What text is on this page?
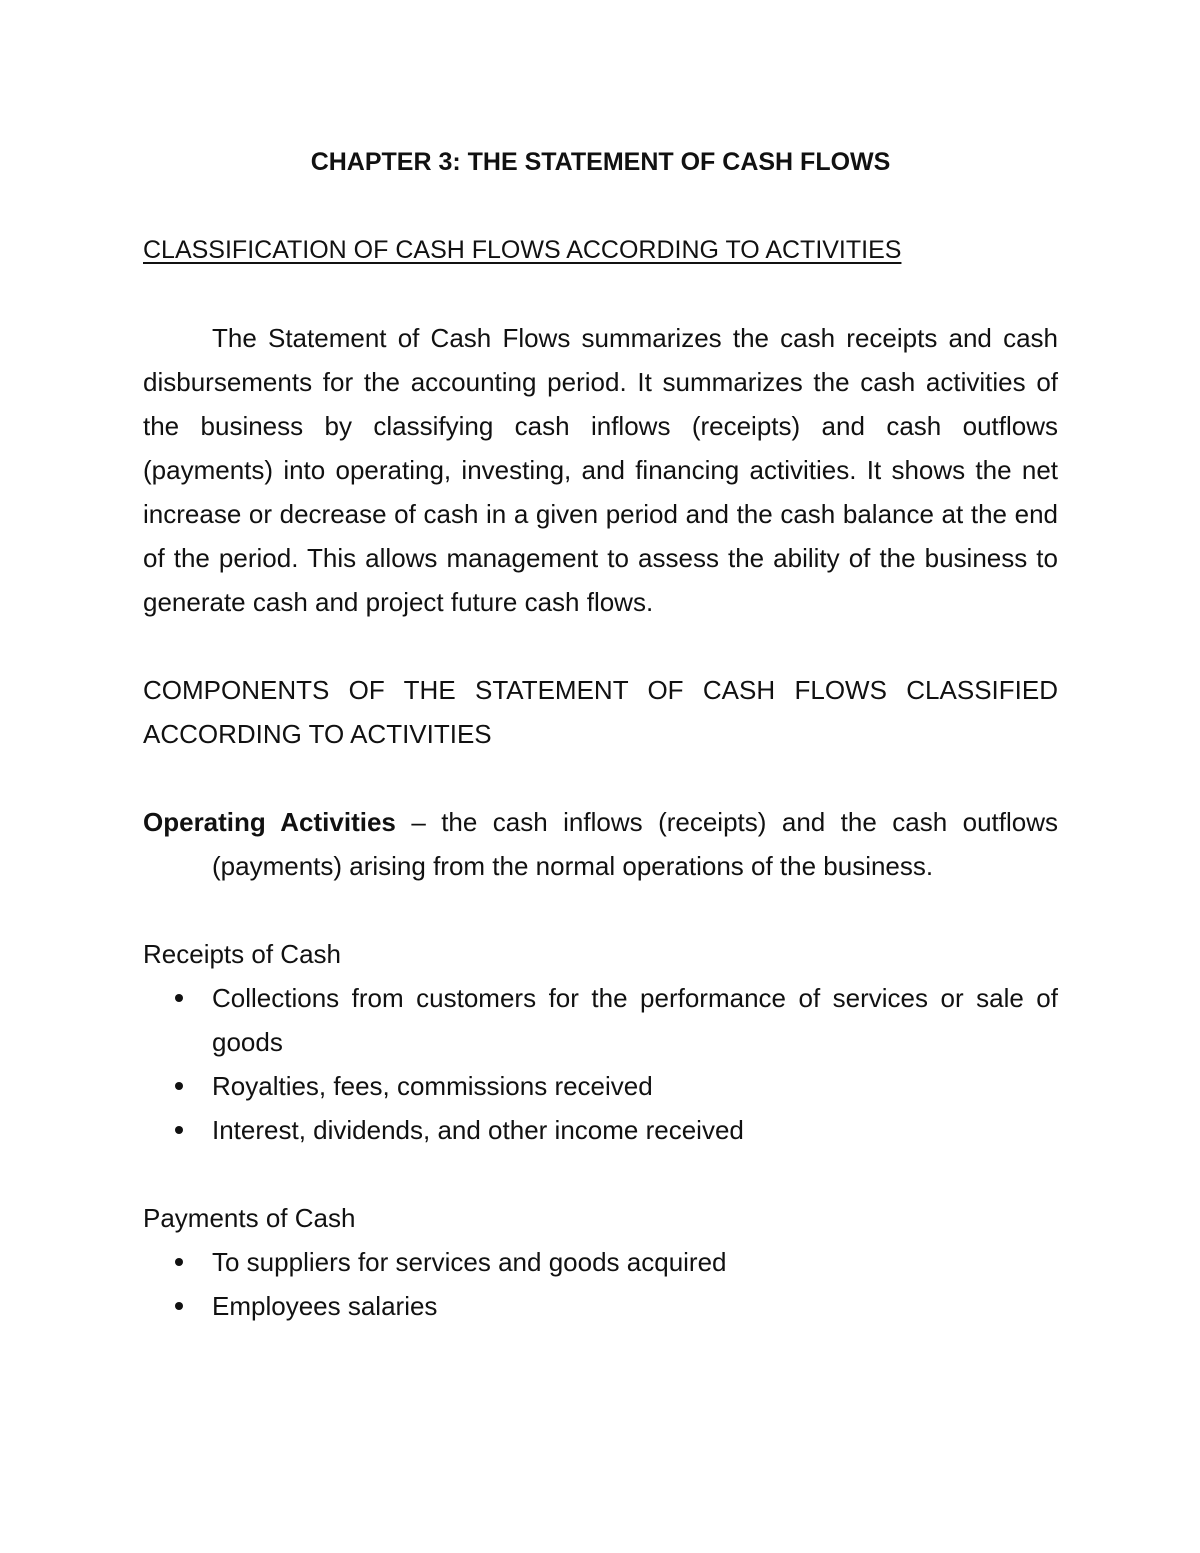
CHAPTER 3: THE STATEMENT OF CASH FLOWS

CLASSIFICATION OF CASH FLOWS ACCORDING TO ACTIVITIES

The Statement of Cash Flows summarizes the cash receipts and cash disbursements for the accounting period. It summarizes the cash activities of the business by classifying cash inflows (receipts) and cash outflows (payments) into operating, investing, and financing activities. It shows the net increase or decrease of cash in a given period and the cash balance at the end of the period. This allows management to assess the ability of the business to generate cash and project future cash flows.

COMPONENTS OF THE STATEMENT OF CASH FLOWS CLASSIFIED ACCORDING TO ACTIVITIES

Operating Activities – the cash inflows (receipts) and the cash outflows (payments) arising from the normal operations of the business.

Receipts of Cash

Collections from customers for the performance of services or sale of goods
Royalties, fees, commissions received
Interest, dividends, and other income received

Payments of Cash

To suppliers for services and goods acquired
Employees salaries
